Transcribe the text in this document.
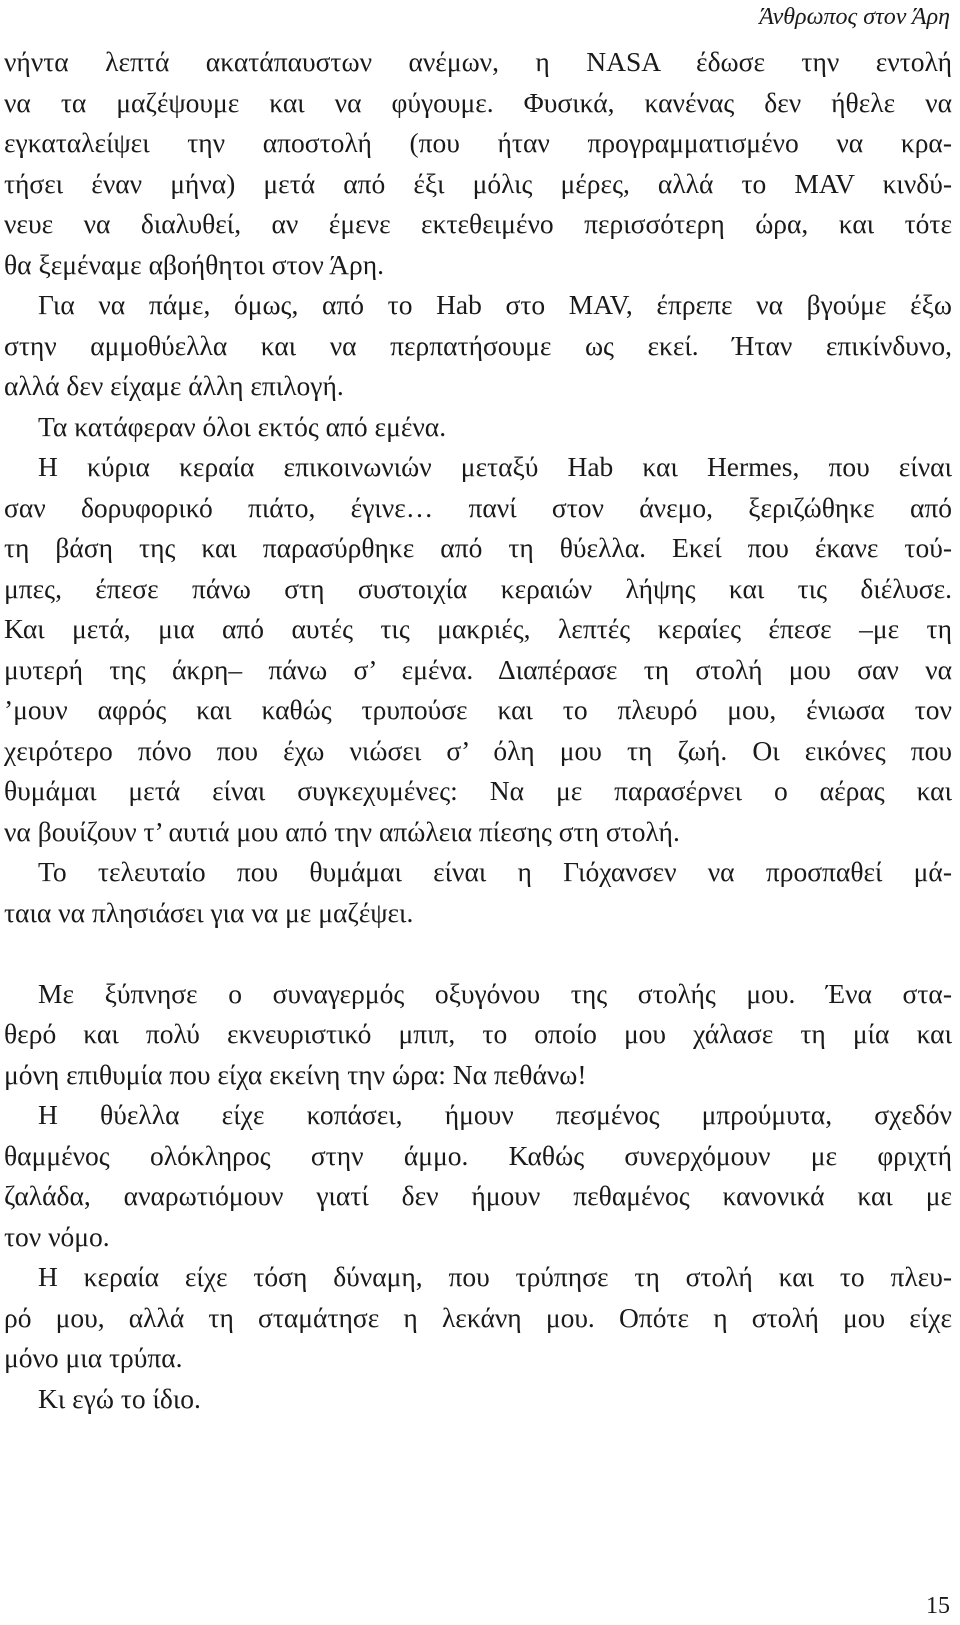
Άνθρωπος στον Άρη
νήντα λεπτά ακατάπαυστων ανέμων, η NASA έδωσε την εντολή
να τα μαζέψουμε και να φύγουμε. Φυσικά, κανένας δεν ήθελε να
εγκαταλείψει την αποστολή (που ήταν προγραμματισμένο να κρα-
τήσει έναν μήνα) μετά από έξι μόλις μέρες, αλλά το MAV κινδύ-
νευε να διαλυθεί, αν έμενε εκτεθειμένο περισσότερη ώρα, και τότε
θα ξεμέναμε αβοήθητοι στον Άρη.
Για να πάμε, όμως, από το Hab στο MAV, έπρεπε να βγούμε έξω
στην αμμοθύελλα και να περπατήσουμε ως εκεί. Ήταν επικίνδυνο,
αλλά δεν είχαμε άλλη επιλογή.
Τα κατάφεραν όλοι εκτός από εμένα.
Η κύρια κεραία επικοινωνιών μεταξύ Hab και Hermes, που είναι
σαν δορυφορικό πιάτο, έγινε… πανί στον άνεμο, ξεριζώθηκε από
τη βάση της και παρασύρθηκε από τη θύελλα. Εκεί που έκανε τού-
μπες, έπεσε πάνω στη συστοιχία κεραιών λήψης και τις διέλυσε.
Και μετά, μια από αυτές τις μακριές, λεπτές κεραίες έπεσε –με τη
μυτερή της άκρη– πάνω σ’ εμένα. Διαπέρασε τη στολή μου σαν να
’μουν αφρός και καθώς τρυπούσε και το πλευρό μου, ένιωσα τον
χειρότερο πόνο που έχω νιώσει σ’ όλη μου τη ζωή. Οι εικόνες που
θυμάμαι μετά είναι συγκεχυμένες: Να με παρασέρνει ο αέρας και
να βουίζουν τ’ αυτιά μου από την απώλεια πίεσης στη στολή.
Το τελευταίο που θυμάμαι είναι η Γιόχανσεν να προσπαθεί μά-
ταια να πλησιάσει για να με μαζέψει.
Με ξύπνησε ο συναγερμός οξυγόνου της στολής μου. Ένα στα-
θερό και πολύ εκνευριστικό μπιπ, το οποίο μου χάλασε τη μία και
μόνη επιθυμία που είχα εκείνη την ώρα: Να πεθάνω!
Η θύελλα είχε κοπάσει, ήμουν πεσμένος μπρούμυτα, σχεδόν
θαμμένος ολόκληρος στην άμμο. Καθώς συνερχόμουν με φριχτή
ζαλάδα, αναρωτιόμουν γιατί δεν ήμουν πεθαμένος κανονικά και με
τον νόμο.
Η κεραία είχε τόση δύναμη, που τρύπησε τη στολή και το πλευ-
ρό μου, αλλά τη σταμάτησε η λεκάνη μου. Οπότε η στολή μου είχε
μόνο μια τρύπα.
Κι εγώ το ίδιο.
15
